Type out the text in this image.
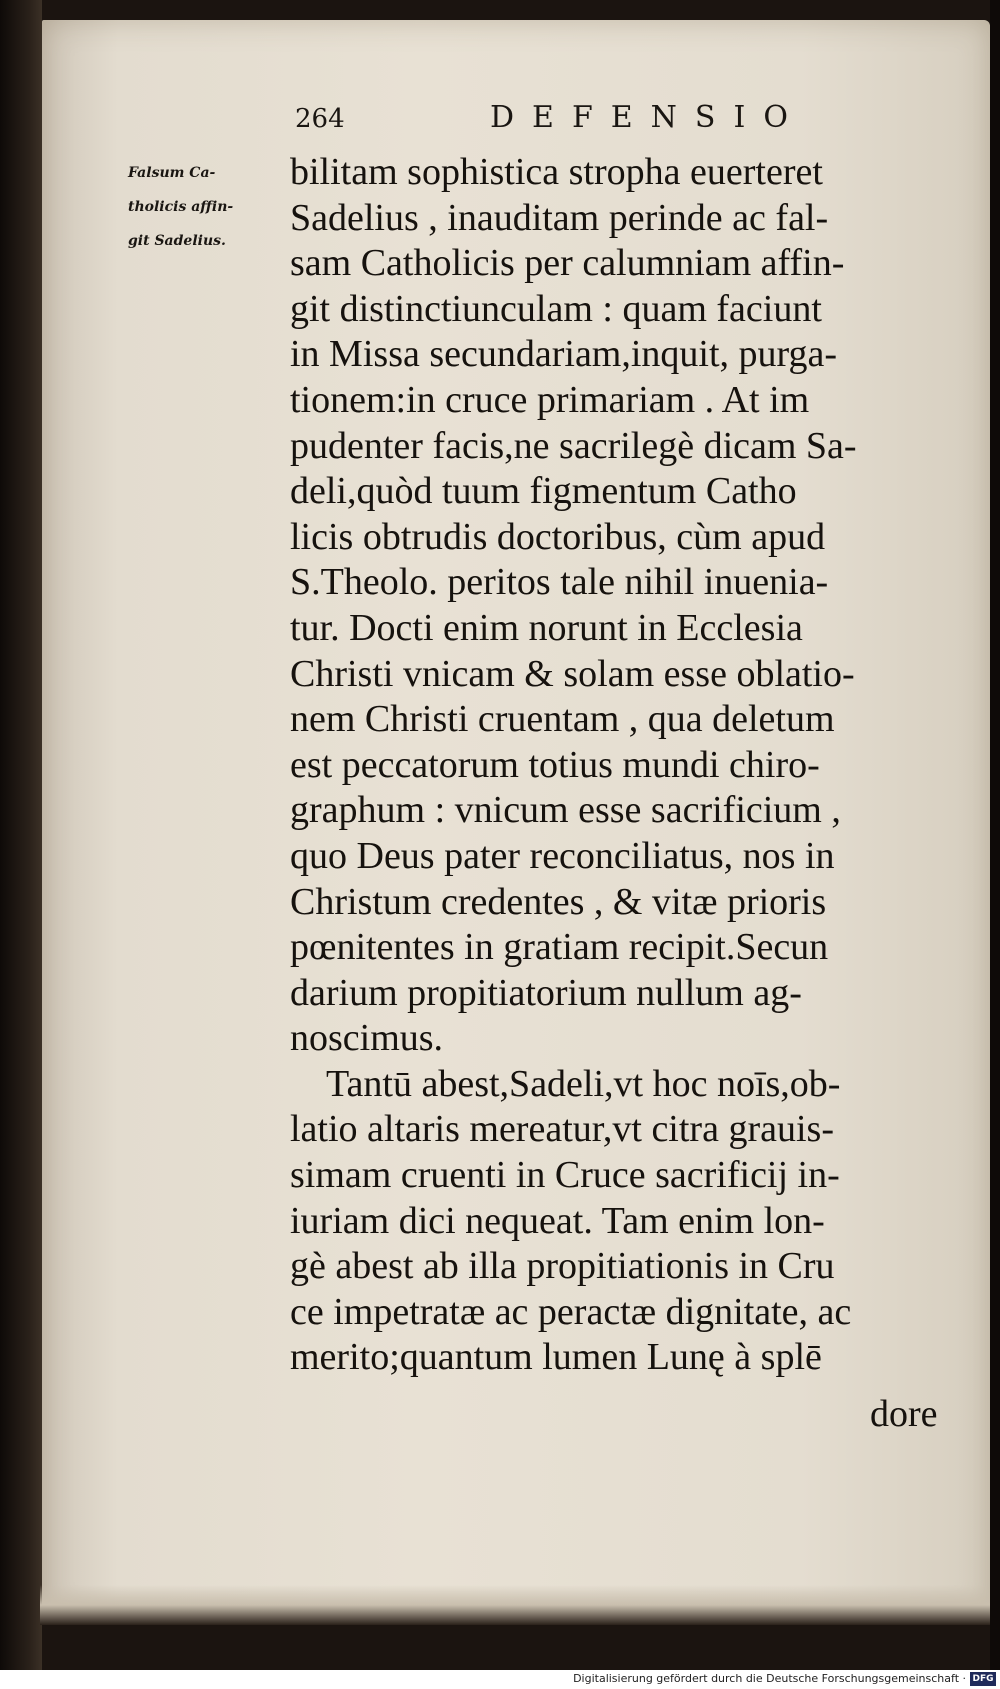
264	DEFENSIO
Falsum Ca-
tholicis affin-
git Sadelius.
bilitam sophistica stropha euerteret
Sadelius , inauditam perinde ac fal-
sam Catholicis per calumniam affin-
git distinctiunculam : quam faciunt
in Missa secundariam,inquit, purga-
tionem:in cruce primariam . At im
pudenter facis,ne sacrilegè dicam Sa-
deli,quòd tuum figmentum Catho
licis obtrudis doctoribus, cùm apud
S.Theolo. peritos tale nihil inuenia-
tur. Docti enim norunt in Ecclesia
Christi vnicam & solam esse oblatio-
nem Christi cruentam , qua deletum
est peccatorum totius mundi chiro-
graphum : vnicum esse sacrificium ,
quo Deus pater reconciliatus, nos in
Christum credentes , & vitæ prioris
pœnitentes in gratiam recipit.Secun
darium propitiatorium nullum ag-
noscimus.
Tantū abest,Sadeli,vt hoc noīs,ob-
latio altaris mereatur,vt citra grauis-
simam cruenti in Cruce sacrificij in-
iuriam dici nequeat. Tam enim lon-
gè abest ab illa propitiationis in Cru
ce impetratæ ac peractæ dignitate, ac
merito;quantum lumen Lunę à splē
dore
Digitalisierung gefördert durch die Deutsche Forschungsgemeinschaft · DFG
